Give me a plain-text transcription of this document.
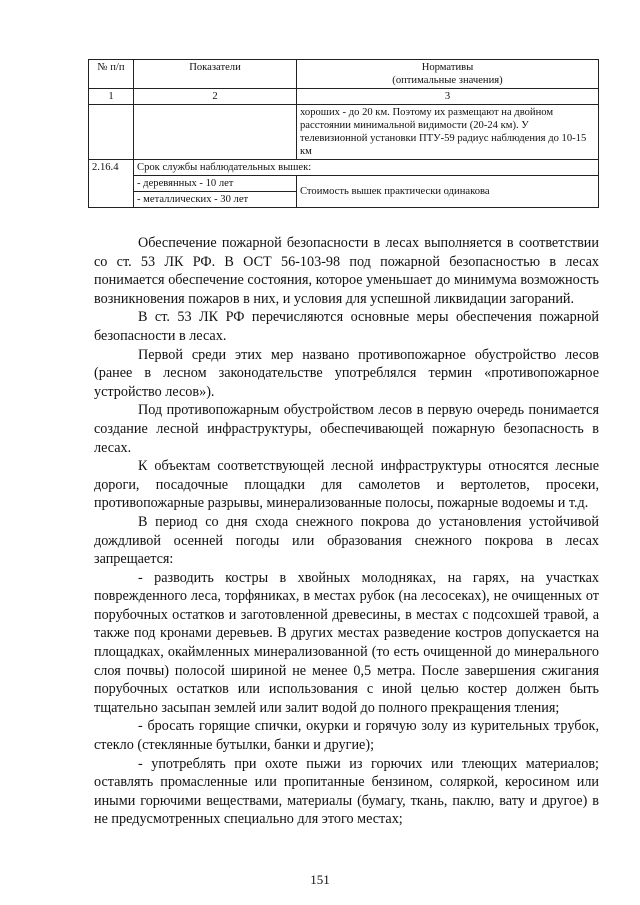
№ п/п	Показатели	Нормативы
(оптимальные значения)
1	2	3
		хороших - до 20 км. Поэтому их размещают на двойном расстоянии минимальной видимости (20-24 км). У телевизионной установки ПТУ-59 радиус наблюдения до 10-15 км
2.16.4	Срок службы наблюдательных вышек:	
	- деревянных - 10 лет	Стоимость вышек практически одинакова
	- металлических - 30 лет	

Обеспечение пожарной безопасности в лесах выполняется в соответствии со ст. 53 ЛК РФ. В ОСТ 56-103-98 под пожарной безопасностью в лесах понимается обеспечение состояния, которое уменьшает до минимума возможность возникновения пожаров в них, и условия для успешной ликвидации загораний.

В ст. 53 ЛК РФ перечисляются основные меры обеспечения пожарной безопасности в лесах.

Первой среди этих мер названо противопожарное обустройство лесов (ранее в лесном законодательстве употреблялся термин «противопожарное устройство лесов»).

Под противопожарным обустройством лесов в первую очередь понимается создание лесной инфраструктуры, обеспечивающей пожарную безопасность в лесах.

К объектам соответствующей лесной инфраструктуры относятся лесные дороги, посадочные площадки для самолетов и вертолетов, просеки, противопожарные разрывы, минерализованные полосы, пожарные водоемы и т.д.

В период со дня схода снежного покрова до установления устойчивой дождливой осенней погоды или образования снежного покрова в лесах запрещается:

- разводить костры в хвойных молодняках, на гарях, на участках поврежденного леса, торфяниках, в местах рубок (на лесосеках), не очищенных от порубочных остатков и заготовленной древесины, в местах с подсохшей травой, а также под кронами деревьев. В других местах разведение костров допускается на площадках, окаймленных минерализованной (то есть очищенной до минерального слоя почвы) полосой шириной не менее 0,5 метра. После завершения сжигания порубочных остатков или использования с иной целью костер должен быть тщательно засыпан землей или залит водой до полного прекращения тления;

- бросать горящие спички, окурки и горячую золу из курительных трубок, стекло (стеклянные бутылки, банки и другие);

- употреблять при охоте пыжи из горючих или тлеющих материалов; оставлять промасленные или пропитанные бензином, соляркой, керосином или иными горючими веществами, материалы (бумагу, ткань, паклю, вату и другое) в не предусмотренных специально для этого местах;

151
